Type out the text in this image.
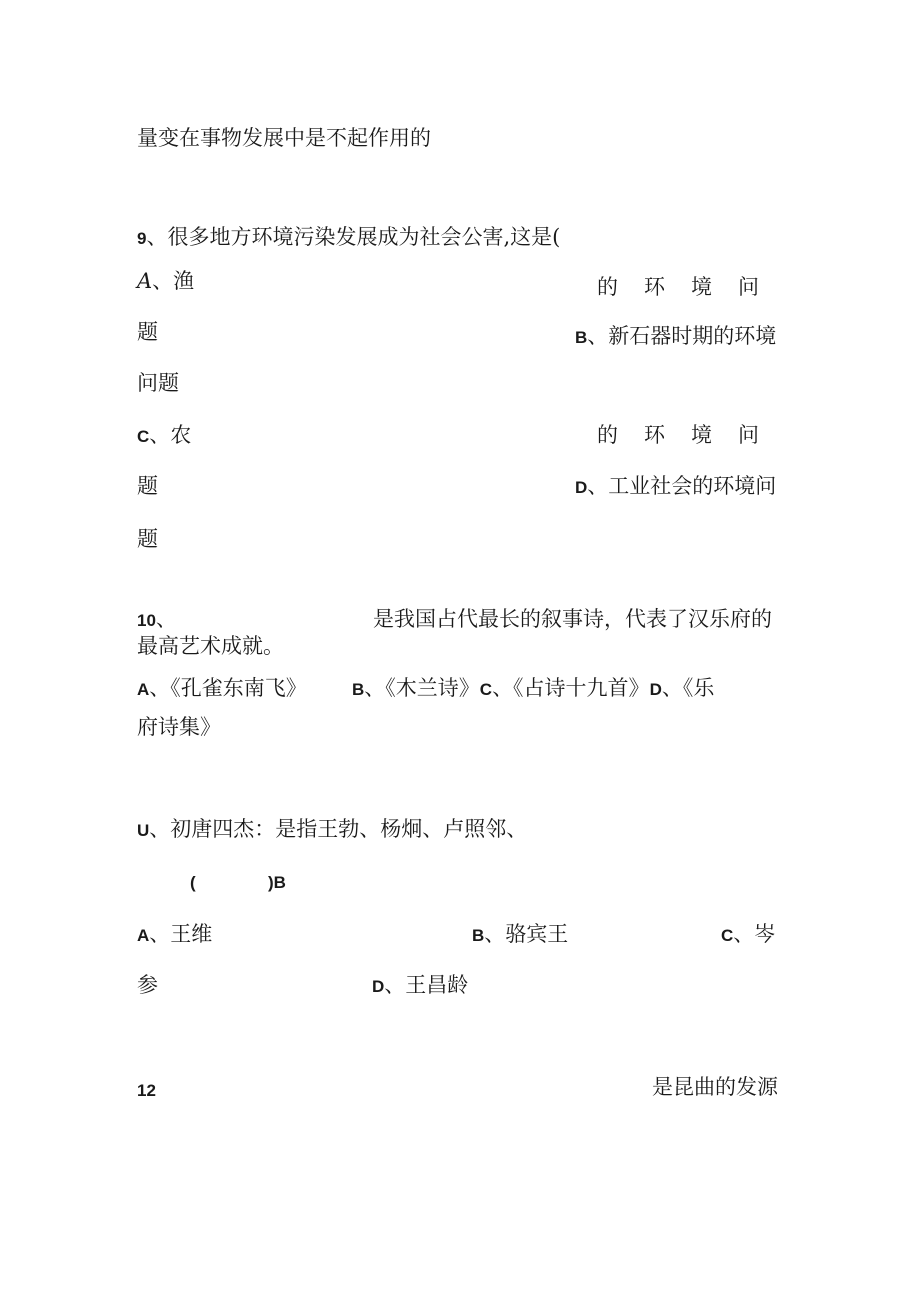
量变在事物发展中是不起作用的
9、很多地方环境污染发展成为社会公害,这是(
A、渔	的环境问
题	B、新石器时期的环境
问题
C、农	的环境问
题	D、工业社会的环境问
题
10、	是我国占代最长的叙事诗，代表了汉乐府的
最高艺术成就。
A、《孔雀东南飞》	B、《木兰诗》C、《占诗十九首》D、《乐
府诗集》
U、初唐四杰：是指王勃、杨炯、卢照邻、
(	)B
A、王维	B、骆宾王	C、岑
参	D、王昌龄
12	是昆曲的发源
